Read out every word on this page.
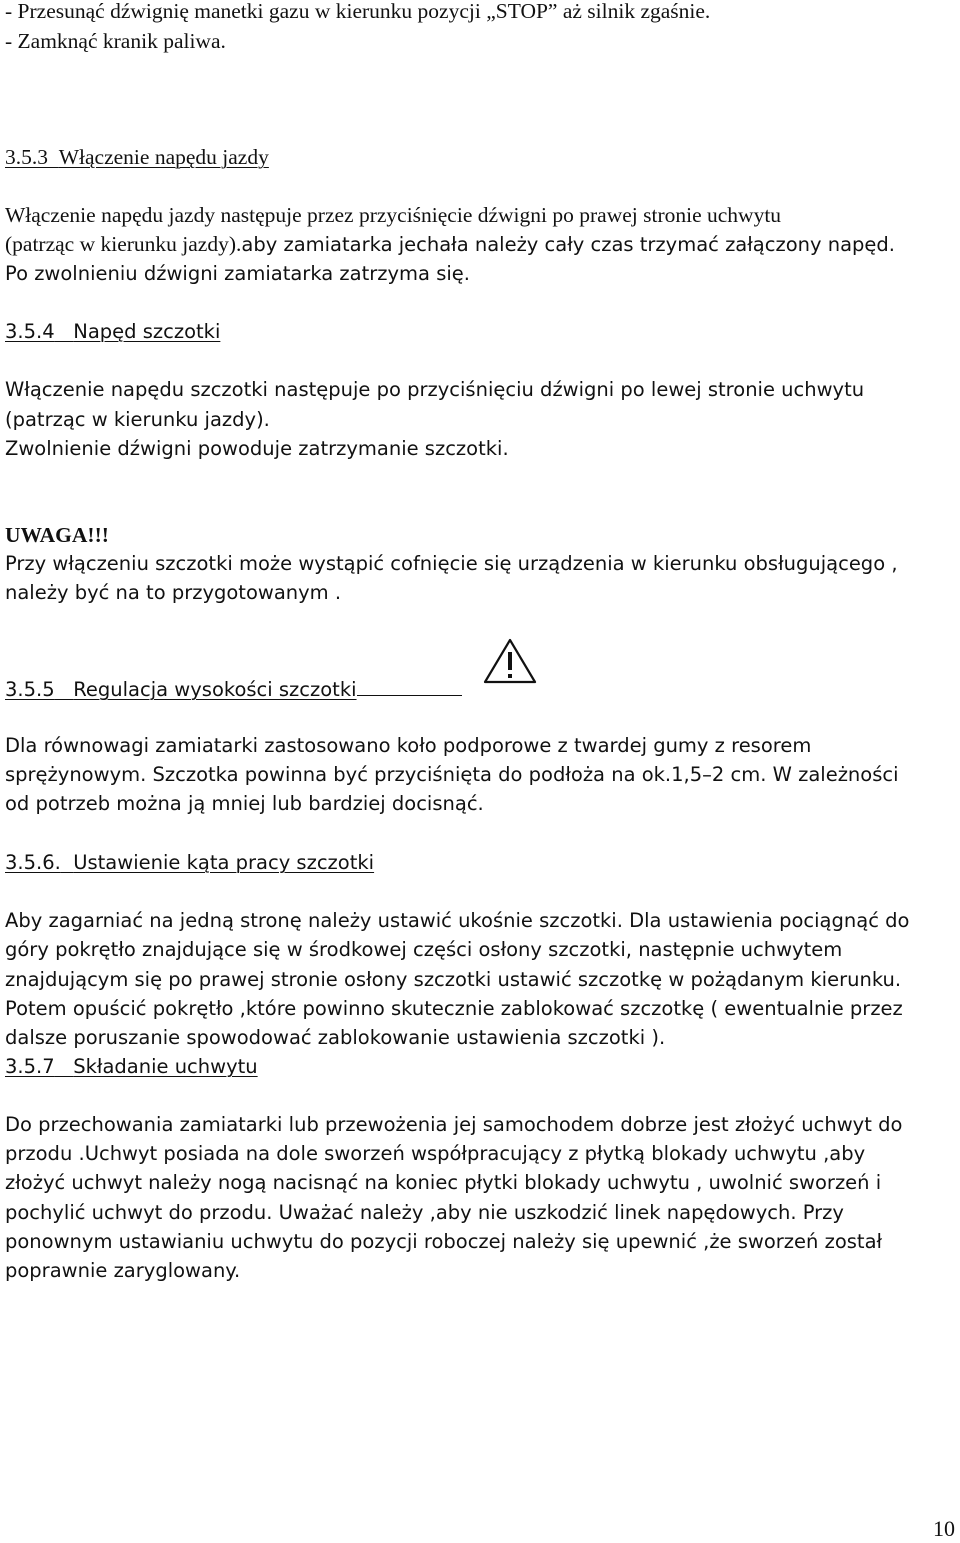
- Przesunąć dźwignię manetki gazu w kierunku pozycji „STOP” aż silnik zgaśnie.
- Zamknąć kranik paliwa.
3.5.3 Włączenie napędu jazdy
Włączenie napędu jazdy następuje przez przyciśnięcie dźwigni po prawej stronie uchwytu
(patrząc w kierunku jazdy).aby zamiatarka jechała należy cały czas trzymać załączony napęd.
Po zwolnieniu dźwigni zamiatarka zatrzyma się.
3.5.4 Napęd szczotki
Włączenie napędu szczotki następuje po przyciśnięciu dźwigni po lewej stronie uchwytu
(patrząc w kierunku jazdy).
Zwolnienie dźwigni powoduje zatrzymanie szczotki.
UWAGA!!!
Przy włączeniu szczotki może wystąpić cofnięcie się urządzenia w kierunku obsługującego ,
należy być na to przygotowanym .
3.5.5 Regulacja wysokości szczotki
Dla równowagi zamiatarki zastosowano koło podporowe z twardej gumy z resorem
sprężynowym. Szczotka powinna być przyciśnięta do podłoża na ok.1,5–2 cm. W zależności
od potrzeb można ją mniej lub bardziej docisnąć.
3.5.6. Ustawienie kąta pracy szczotki
Aby zagarniać na jedną stronę należy ustawić ukośnie szczotki. Dla ustawienia pociągnąć do
góry pokrętło znajdujące się w środkowej części osłony szczotki, następnie uchwytem
znajdującym się po prawej stronie osłony szczotki ustawić szczotkę w pożądanym kierunku.
Potem opuścić pokrętło ,które powinno skutecznie zablokować szczotkę ( ewentualnie przez
dalsze poruszanie spowodować zablokowanie ustawienia szczotki ).
3.5.7 Składanie uchwytu
Do przechowania zamiatarki lub przewożenia jej samochodem dobrze jest złożyć uchwyt do
przodu .Uchwyt posiada na dole sworzeń współpracujący z płytką blokady uchwytu ,aby
złożyć uchwyt należy nogą nacisnąć na koniec płytki blokady uchwytu , uwolnić sworzeń i
pochylić uchwyt do przodu. Uważać należy ,aby nie uszkodzić linek napędowych. Przy
ponownym ustawianiu uchwytu do pozycji roboczej należy się upewnić ,że sworzeń został
poprawnie zaryglowany.
10
